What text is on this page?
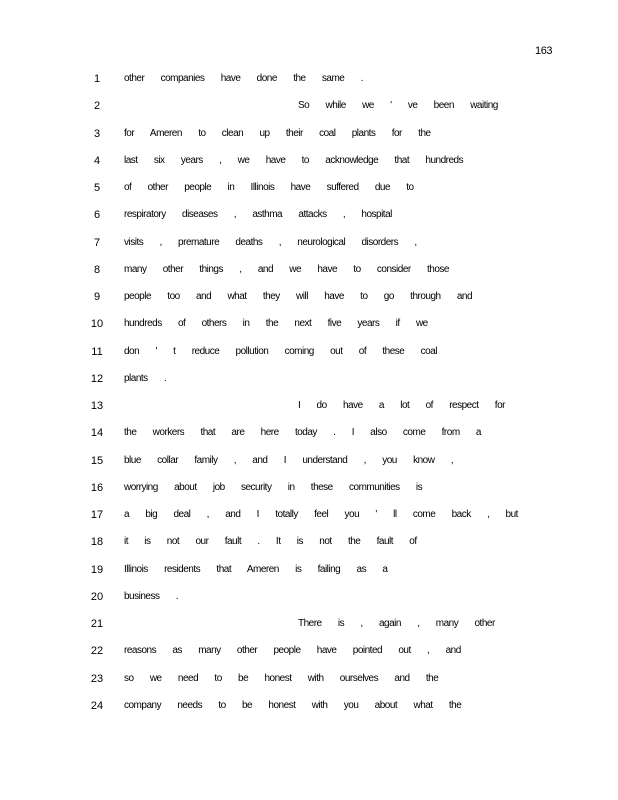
163
1	other companies have done the same .
2	So while we ' ve been waiting
3	for Ameren to clean up their coal plants for the
4	last six years , we have to acknowledge that hundreds
5	of other people in Illinois have suffered due to
6	respiratory diseases , asthma attacks , hospital
7	visits , premature deaths , neurological disorders ,
8	many other things , and we have to consider those
9	people too and what they will have to go through and
10 hundreds of others in the next five years if we
11 don ' t reduce pollution coming out of these coal
12 plants .
13	I do have a lot of respect for
14 the workers that are here today . I also come from a
15 blue collar family , and I understand , you know ,
16 worrying about job security in these communities is
17 a big deal , and I totally feel you ' ll come back , but
18 it is not our fault . It is not the fault of
19 Illinois residents that Ameren is failing as a
20 business .
21	There is , again , many other
22 reasons as many other people have pointed out , and
23 so we need to be honest with ourselves and the
24 company needs to be honest with you about what the
